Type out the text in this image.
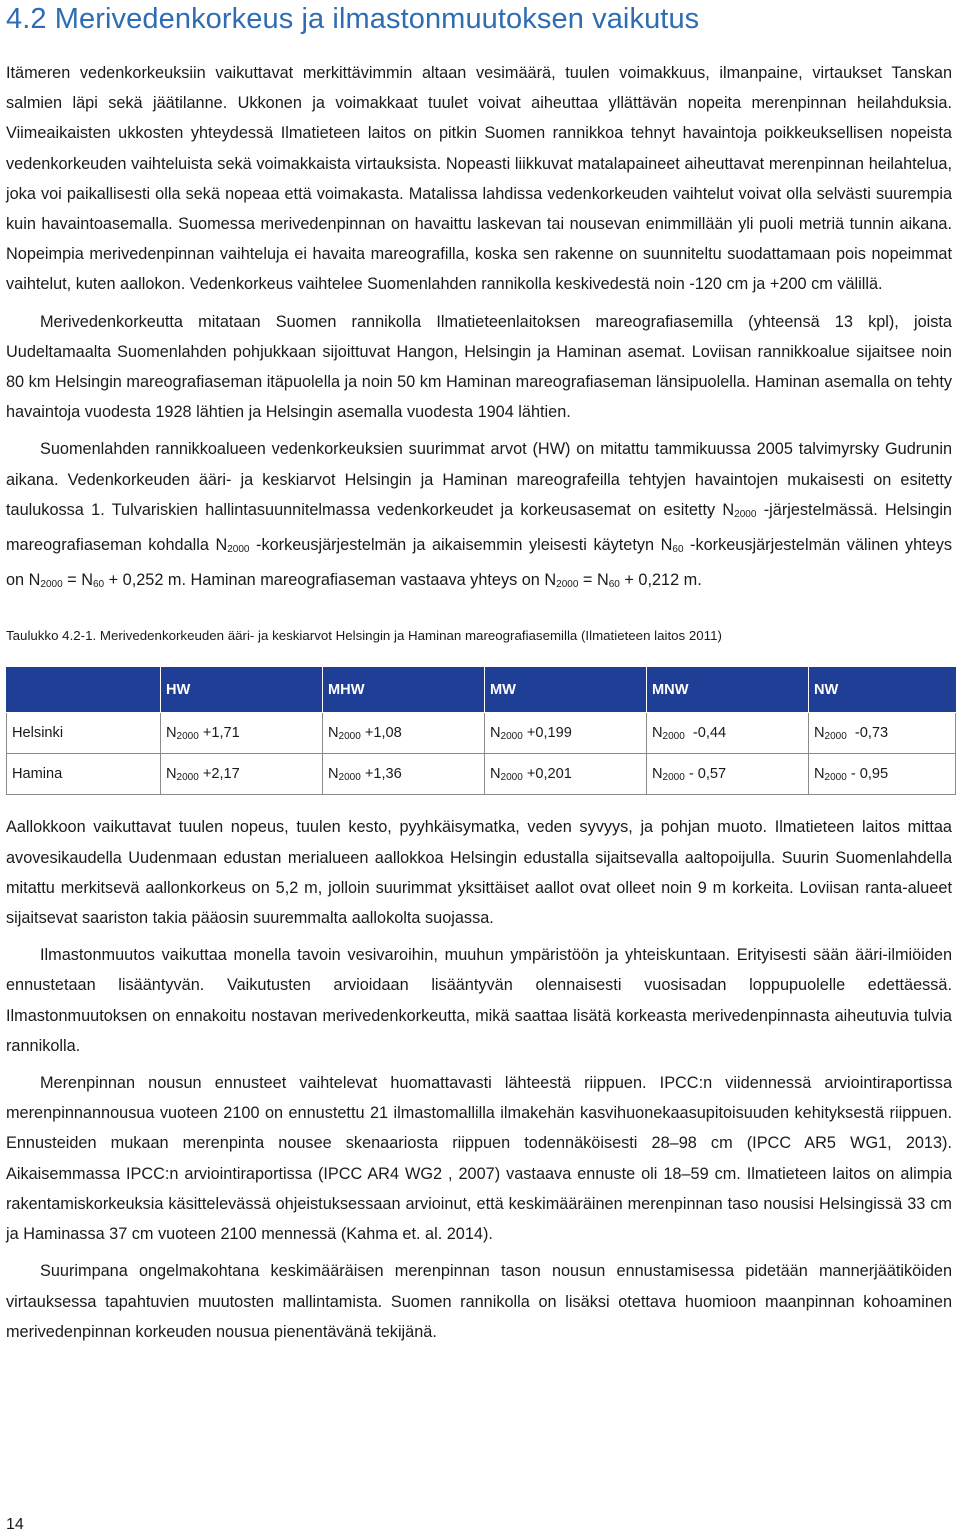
4.2 Merivedenkorkeus ja ilmastonmuutoksen vaikutus

Itämeren vedenkorkeuksiin vaikuttavat merkittävimmin altaan vesimäärä, tuulen voimakkuus, ilmanpaine, virtaukset Tanskan salmien läpi sekä jäätilanne. Ukkonen ja voimakkaat tuulet voivat aiheuttaa yllättävän nopeita merenpinnan heilahduksia. Viimeaikaisten ukkosten yhteydessä Ilmatieteen laitos on pitkin Suomen rannikkoa tehnyt havaintoja poikkeuksellisen nopeista vedenkorkeuden vaihteluista sekä voimakkaista virtauksista. Nopeasti liikkuvat matalapaineet aiheuttavat merenpinnan heilahtelua, joka voi paikallisesti olla sekä nopeaa että voimakasta. Matalissa lahdissa vedenkorkeuden vaihtelut voivat olla selvästi suurempia kuin havaintoasemalla. Suomessa merivedenpinnan on havaittu laskevan tai nousevan enimmillään yli puoli metriä tunnin aikana. Nopeimpia merivedenpinnan vaihteluja ei havaita mareografilla, koska sen rakenne on suunniteltu suodattamaan pois nopeimmat vaihtelut, kuten aallokon. Vedenkorkeus vaihtelee Suomenlahden rannikolla keskivedestä noin -120 cm ja +200 cm välillä.

Merivedenkorkeutta mitataan Suomen rannikolla Ilmatieteenlaitoksen mareografiasemilla (yhteensä 13 kpl), joista Uudeltamaalta Suomenlahden pohjukkaan sijoittuvat Hangon, Helsingin ja Haminan asemat. Loviisan rannikkoalue sijaitsee noin 80 km Helsingin mareografiaseman itäpuolella ja noin 50 km Haminan mareografiaseman länsipuolella. Haminan asemalla on tehty havaintoja vuodesta 1928 lähtien ja Helsingin asemalla vuodesta 1904 lähtien.

Suomenlahden rannikkoalueen vedenkorkeuksien suurimmat arvot (HW) on mitattu tammikuussa 2005 talvimyrsky Gudrunin aikana. Vedenkorkeuden ääri- ja keskiarvot Helsingin ja Haminan mareografeilla tehtyjen havaintojen mukaisesti on esitetty taulukossa 1. Tulvariskien hallintasuunnitelmassa vedenkorkeudet ja korkeusasemat on esitetty $N_{2000}$ -järjestelmässä. Helsingin mareografiaseman kohdalla $N_{2000}$ -korkeusjärjestelmän ja aikaisemmin yleisesti käytetyn $N_{60}$ -korkeusjärjestelmän välinen yhteys on $N_{2000} = N_{60} + 0,252$ m. Haminan mareografiaseman vastaava yhteys on $N_{2000} = N_{60} + 0,212$ m.

Taulukko 4.2-1. Merivedenkorkeuden ääri- ja keskiarvot Helsingin ja Haminan mareografiasemilla (Ilmatieteen laitos 2011)
	HW	MHW	MW	MNW	NW
Helsinki	$N_{2000} +1,71$	$N_{2000} +1,08$	$N_{2000} +0,199$	$N_{2000}$  -0,44	$N_{2000}$  -0,73
Hamina	$N_{2000} +2,17$	$N_{2000} +1,36$	$N_{2000} +0,201$	$N_{2000} - 0,57$	$N_{2000} - 0,95$

Aallokkoon vaikuttavat tuulen nopeus, tuulen kesto, pyyhkäisymatka, veden syvyys, ja pohjan muoto. Ilmatieteen laitos mittaa avovesikaudella Uudenmaan edustan merialueen aallokkoa Helsingin edustalla sijaitsevalla aaltopoijulla. Suurin Suomenlahdella mitattu merkitsevä aallonkorkeus on 5,2 m, jolloin suurimmat yksittäiset aallot ovat olleet noin 9 m korkeita. Loviisan ranta-alueet sijaitsevat saariston takia pääosin suuremmalta aallokolta suojassa.

Ilmastonmuutos vaikuttaa monella tavoin vesivaroihin, muuhun ympäristöön ja yhteiskuntaan. Erityisesti sään ääri-ilmiöiden ennustetaan lisääntyvän. Vaikutusten arvioidaan lisääntyvän olennaisesti vuosisadan loppupuolelle edettäessä. Ilmastonmuutoksen on ennakoitu nostavan merivedenkorkeutta, mikä saattaa lisätä korkeasta merivedenpinnasta aiheutuvia tulvia rannikolla.

Merenpinnan nousun ennusteet vaihtelevat huomattavasti lähteestä riippuen. IPCC:n viidennessä arviointiraportissa merenpinnannousua vuoteen 2100 on ennustettu 21 ilmastomallilla ilmakehän kasvihuonekaasupitoisuuden kehityksestä riippuen. Ennusteiden mukaan merenpinta nousee skenaariosta riippuen todennäköisesti 28–98 cm (IPCC AR5 WG1, 2013). Aikaisemmassa IPCC:n arviointiraportissa (IPCC AR4 WG2 , 2007) vastaava ennuste oli 18–59 cm. Ilmatieteen laitos on alimpia rakentamiskorkeuksia käsittelevässä ohjeistuksessaan arvioinut, että keskimääräinen merenpinnan taso nousisi Helsingissä 33 cm ja Haminassa 37 cm vuoteen 2100 mennessä (Kahma et. al. 2014).

Suurimpana ongelmakohtana keskimääräisen merenpinnan tason nousun ennustamisessa pidetään mannerjäätiköiden virtauksessa tapahtuvien muutosten mallintamista. Suomen rannikolla on lisäksi otettava huomioon maanpinnan kohoaminen merivedenpinnan korkeuden nousua pienentävänä tekijänä.

14
